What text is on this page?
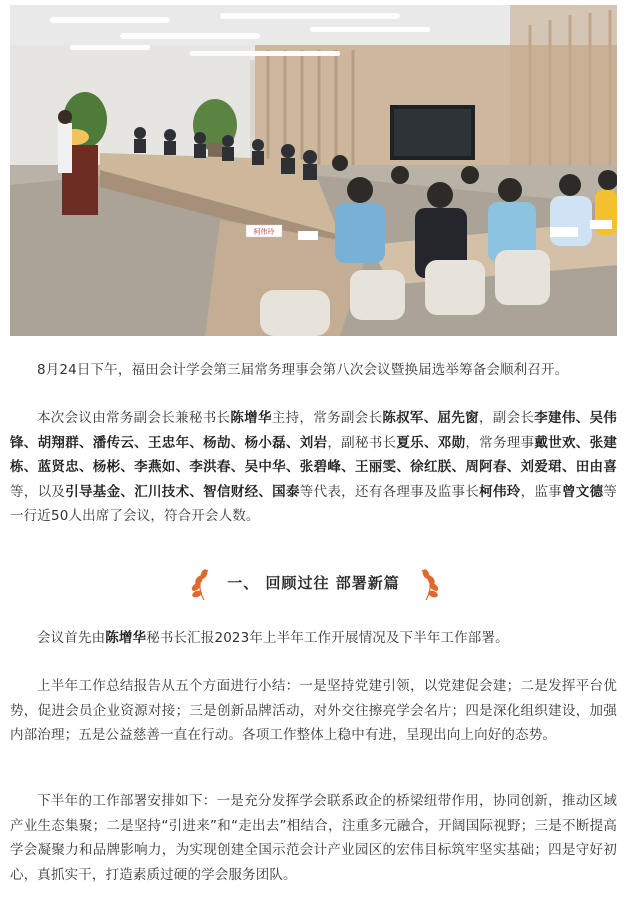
柯伟玲

8月24日下午，福田会计学会第三届常务理事会第八次会议暨换届选举筹备会顺利召开。

本次会议由常务副会长兼秘书长陈增华主持，常务副会长陈叔军、屈先窗，副会长李建伟、吴伟锋、胡翔群、潘传云、王忠年、杨劼、杨小磊、刘岩，副秘书长夏乐、邓勋，常务理事戴世欢、张建栋、蓝贤忠、杨彬、李燕如、李洪春、吴中华、张碧峰、王丽雯、徐红朕、周阿春、刘爱珺、田由喜等，以及引导基金、汇川技术、智信财经、国泰等代表，还有各理事及监事长柯伟玲，监事曾文德等一行近50人出席了会议，符合开会人数。

一、 回顾过往 部署新篇

会议首先由陈增华秘书长汇报2023年上半年工作开展情况及下半年工作部署。

上半年工作总结报告从五个方面进行小结：一是坚持党建引领，以党建促会建；二是发挥平台优势，促进会员企业资源对接；三是创新品牌活动，对外交往擦亮学会名片；四是深化组织建设，加强内部治理；五是公益慈善一直在行动。各项工作整体上稳中有进，呈现出向上向好的态势。

下半年的工作部署安排如下：一是充分发挥学会联系政企的桥梁纽带作用，协同创新，推动区域产业生态集聚；二是坚持“引进来”和“走出去”相结合，注重多元融合，开阔国际视野；三是不断提高学会凝聚力和品牌影响力，为实现创建全国示范会计产业园区的宏伟目标筑牢坚实基础；四是守好初心，真抓实干，打造素质过硬的学会服务团队。
